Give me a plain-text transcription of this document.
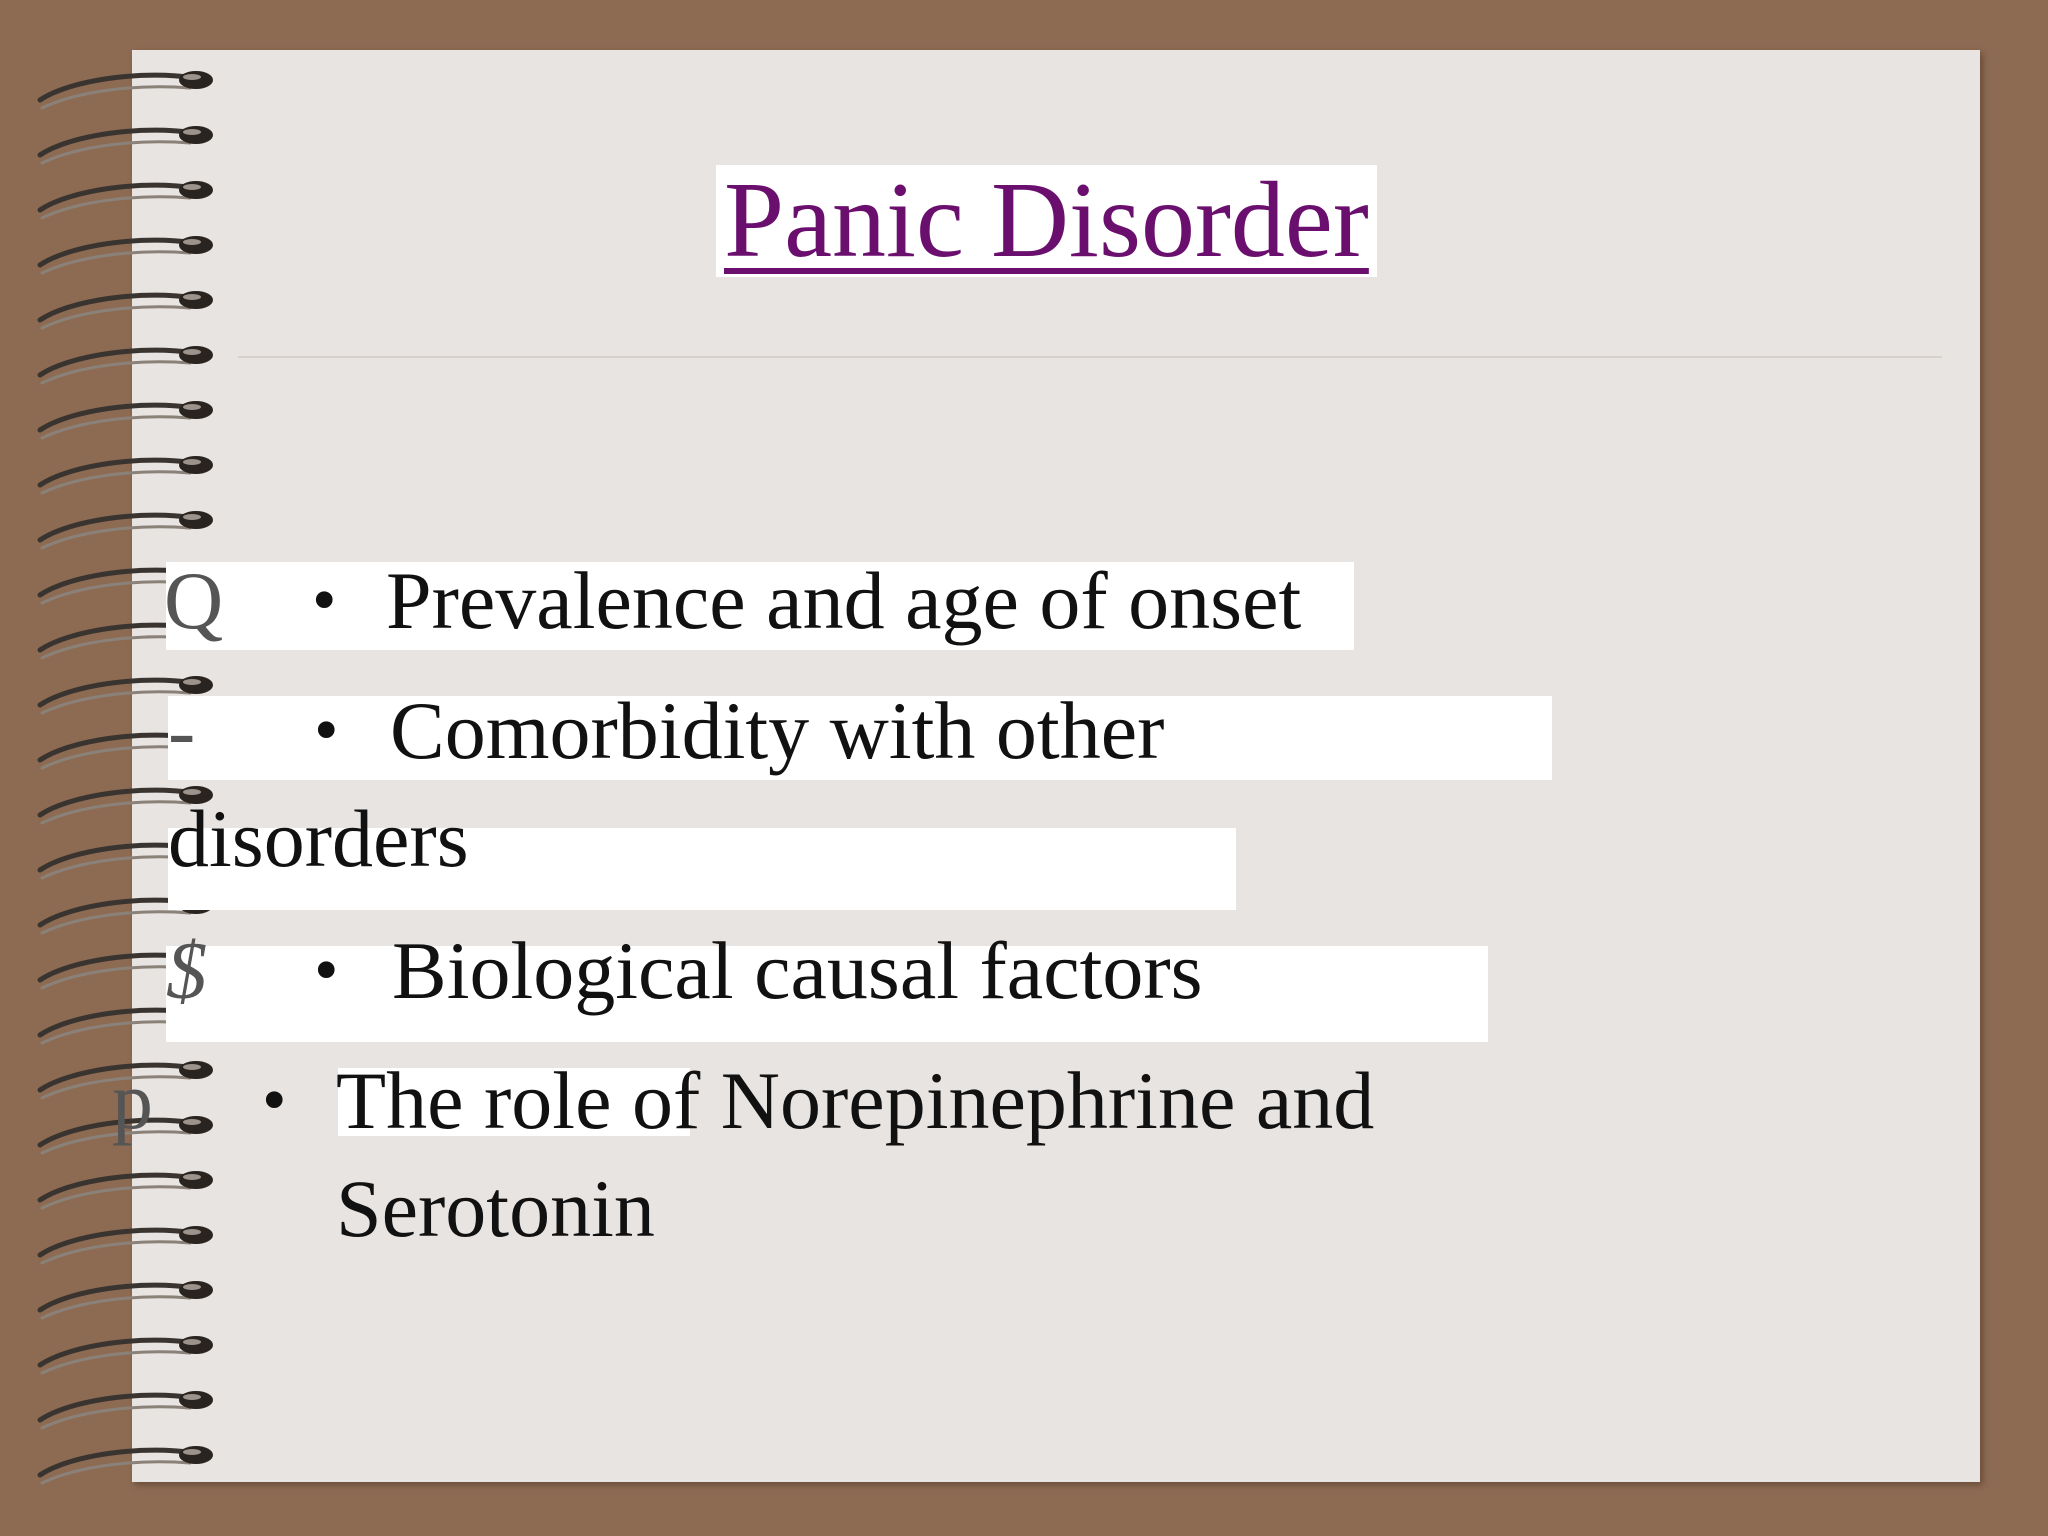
Panic Disorder
Q • Prevalence and age of onset
- • Comorbidity with other
disorders
$ • Biological causal factors
p • The role of Norepinephrine and
Serotonin
